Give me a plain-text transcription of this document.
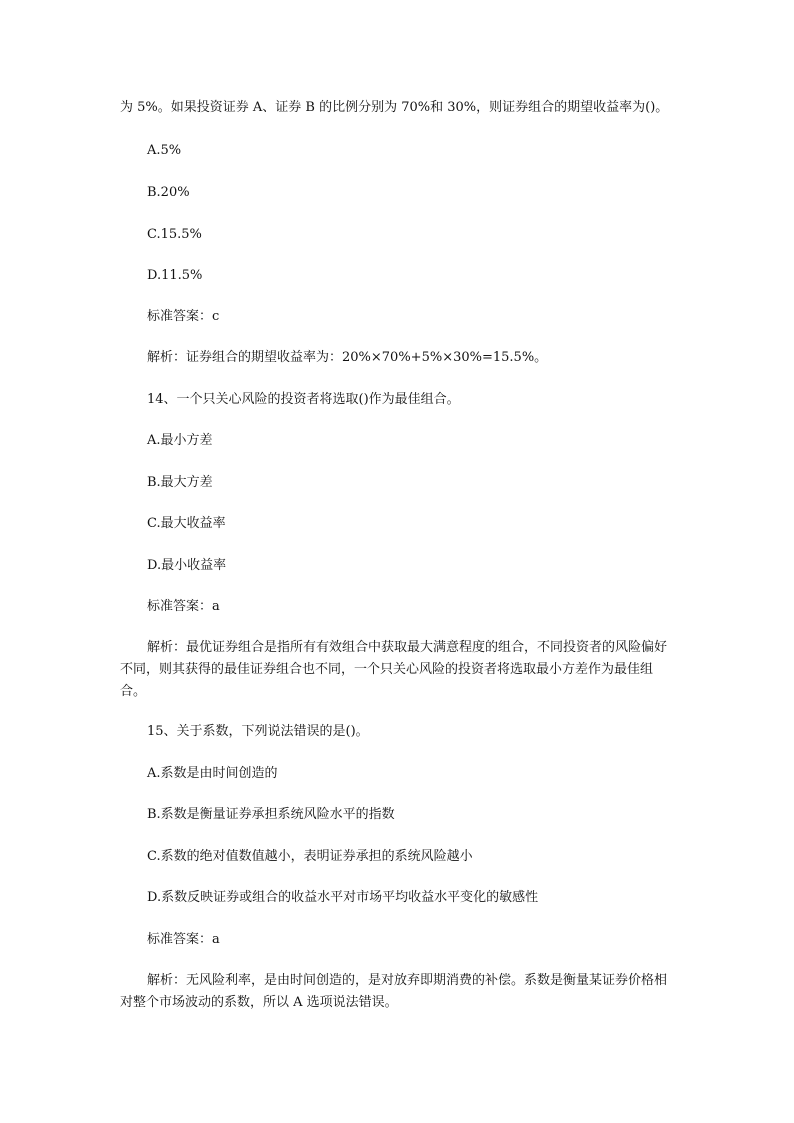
为 5%。如果投资证券 A、证券 B 的比例分别为 70%和 30%，则证券组合的期望收益率为()。
A.5%
B.20%
C.15.5%
D.11.5%
标准答案：c
解析：证券组合的期望收益率为：20%×70%+5%×30%=15.5%。
14、一个只关心风险的投资者将选取()作为最佳组合。
A.最小方差
B.最大方差
C.最大收益率
D.最小收益率
标准答案：a
解析：最优证券组合是指所有有效组合中获取最大满意程度的组合，不同投资者的风险偏好不同，则其获得的最佳证券组合也不同，一个只关心风险的投资者将选取最小方差作为最佳组合。
15、关于系数，下列说法错误的是()。
A.系数是由时间创造的
B.系数是衡量证券承担系统风险水平的指数
C.系数的绝对值数值越小，表明证券承担的系统风险越小
D.系数反映证券或组合的收益水平对市场平均收益水平变化的敏感性
标准答案：a
解析：无风险利率，是由时间创造的，是对放弃即期消费的补偿。系数是衡量某证券价格相对整个市场波动的系数，所以 A 选项说法错误。
